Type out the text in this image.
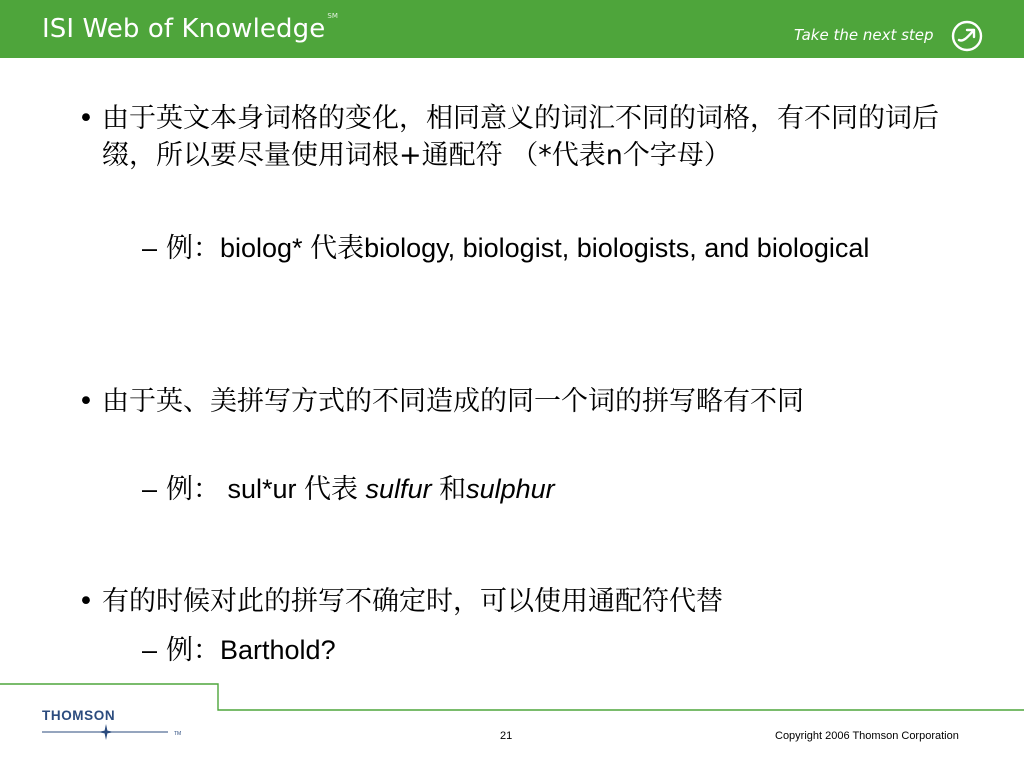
ISI Web of Knowledge ℠
Take the next step
• 由于英文本身词格的变化，相同意义的词汇不同的词格，有不同的词后缀，所以要尽量使用词根+通配符 （*代表n个字母）
– 例：biolog* 代表biology, biologist, biologists, and biological
• 由于英、美拼写方式的不同造成的同一个词的拼写略有不同
– 例： sul*ur 代表 sulfur 和sulphur
• 有的时候对此的拼写不确定时，可以使用通配符代替
– 例：Barthold?
THOMSON
TM	21	Copyright 2006 Thomson Corporation
